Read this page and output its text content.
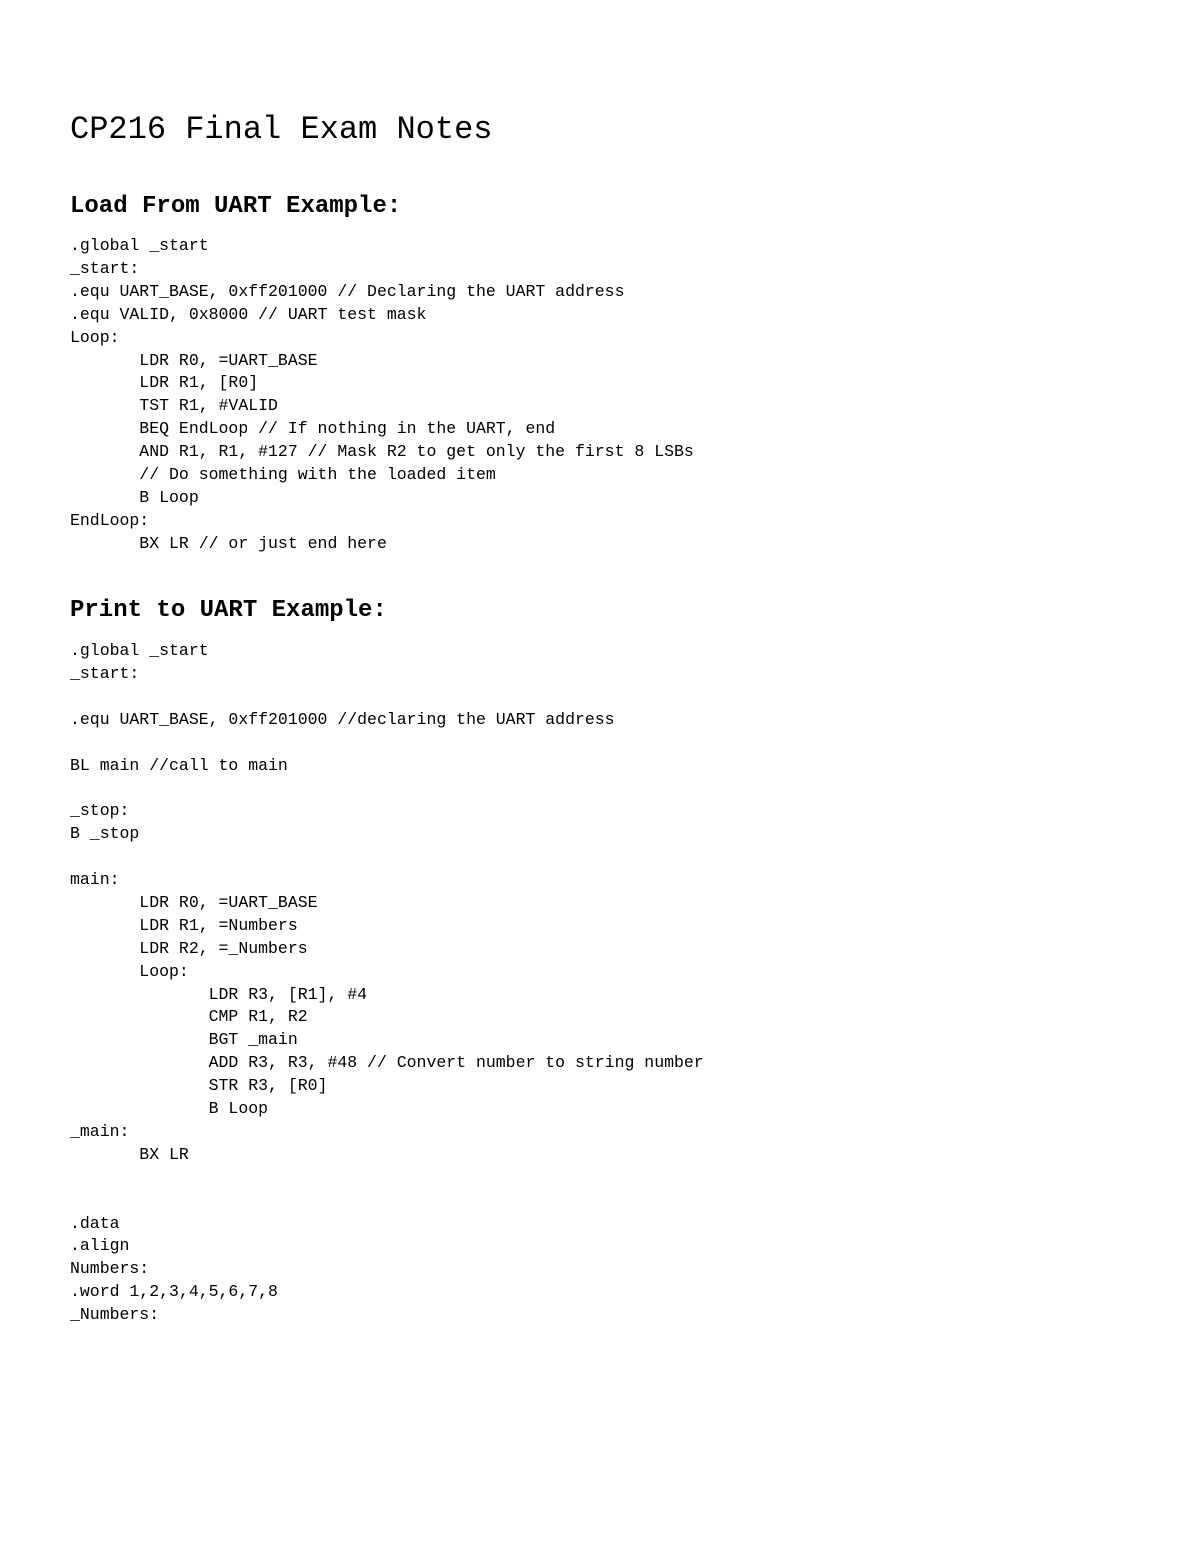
CP216 Final Exam Notes
Load From UART Example:
.global _start
_start:
.equ UART_BASE, 0xff201000 // Declaring the UART address
.equ VALID, 0x8000 // UART test mask
Loop:
LDR R0, =UART_BASE
LDR R1, [R0]
TST R1, #VALID
BEQ EndLoop // If nothing in the UART, end
AND R1, R1, #127 // Mask R2 to get only the first 8 LSBs
// Do something with the loaded item
B Loop
EndLoop:
BX LR // or just end here
Print to UART Example:
.global _start
_start:
.equ UART_BASE, 0xff201000 //declaring the UART address
BL main //call to main
_stop:
B _stop
main:
LDR R0, =UART_BASE
LDR R1, =Numbers
LDR R2, =_Numbers
Loop:
LDR R3, [R1], #4
CMP R1, R2
BGT _main
ADD R3, R3, #48 // Convert number to string number
STR R3, [R0]
B Loop
_main:
BX LR
.data
.align
Numbers:
.word 1,2,3,4,5,6,7,8
_Numbers:
